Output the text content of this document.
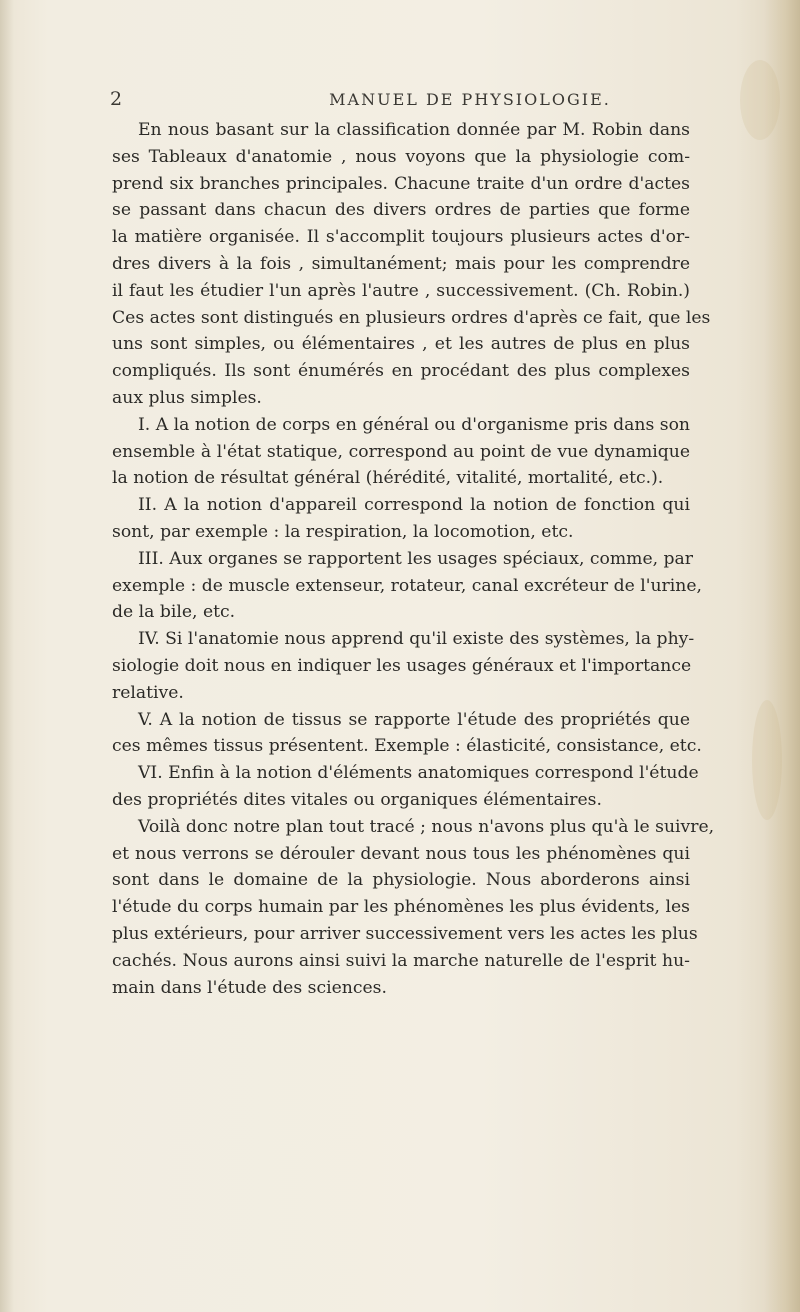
2	MANUEL DE PHYSIOLOGIE.
En nous basant sur la classification donnée par M. Robin dans
ses Tableaux d'anatomie , nous voyons que la physiologie com-
prend six branches principales. Chacune traite d'un ordre d'actes
se passant dans chacun des divers ordres de parties que forme
la matière organisée. Il s'accomplit toujours plusieurs actes d'or-
dres divers à la fois , simultanément; mais pour les comprendre
il faut les étudier l'un après l'autre , successivement. (Ch. Robin.)
Ces actes sont distingués en plusieurs ordres d'après ce fait, que les
uns sont simples, ou élémentaires , et les autres de plus en plus
compliqués. Ils sont énumérés en procédant des plus complexes
aux plus simples.
I. A la notion de corps en général ou d'organisme pris dans son
ensemble à l'état statique, correspond au point de vue dynamique
la notion de résultat général (hérédité, vitalité, mortalité, etc.).
II. A la notion d'appareil correspond la notion de fonction qui
sont, par exemple : la respiration, la locomotion, etc.
III. Aux organes se rapportent les usages spéciaux, comme, par
exemple : de muscle extenseur, rotateur, canal excréteur de l'urine,
de la bile, etc.
IV. Si l'anatomie nous apprend qu'il existe des systèmes, la phy-
siologie doit nous en indiquer les usages généraux et l'importance
relative.
V. A la notion de tissus se rapporte l'étude des propriétés que
ces mêmes tissus présentent. Exemple : élasticité, consistance, etc.
VI. Enfin à la notion d'éléments anatomiques correspond l'étude
des propriétés dites vitales ou organiques élémentaires.
Voilà donc notre plan tout tracé ; nous n'avons plus qu'à le suivre,
et nous verrons se dérouler devant nous tous les phénomènes qui
sont dans le domaine de la physiologie. Nous aborderons ainsi
l'étude du corps humain par les phénomènes les plus évidents, les
plus extérieurs, pour arriver successivement vers les actes les plus
cachés. Nous aurons ainsi suivi la marche naturelle de l'esprit hu-
main dans l'étude des sciences.
